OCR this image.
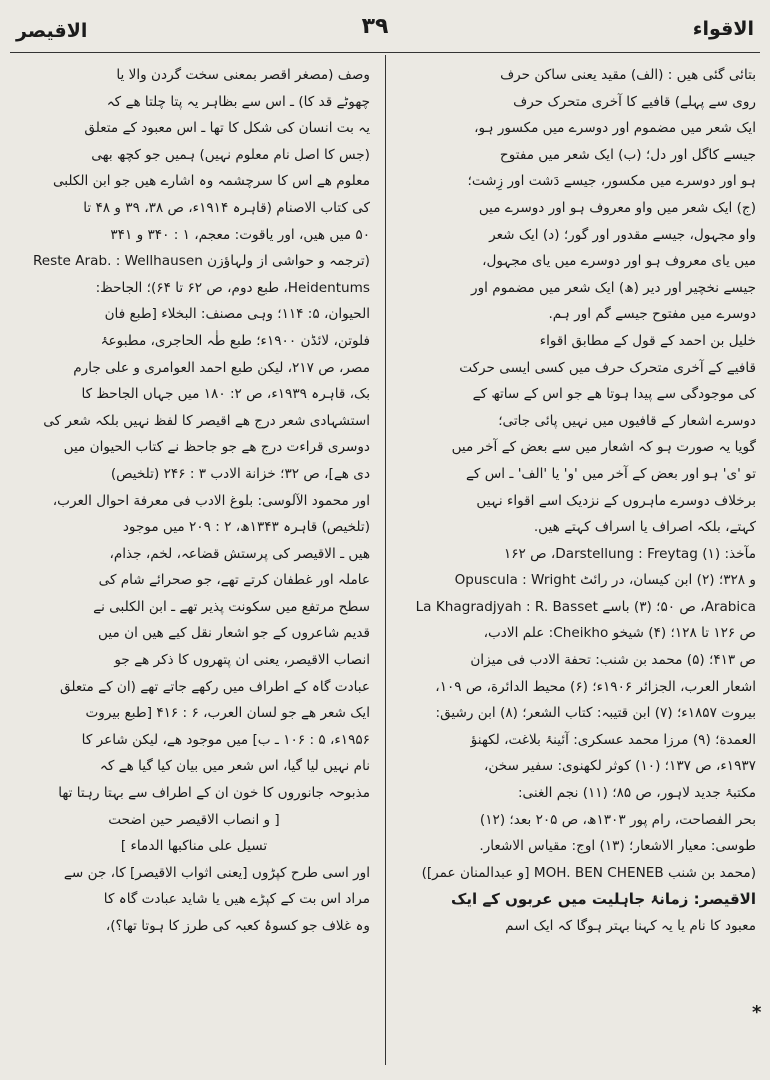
الاقیصر	۳۹	الاقواء
بتائی گئی ھیں : (الف) مقید یعنی ساکن حرف
روی سے پہلے) قافیے کا آخری متحرک حرف
ایک شعر میں مضموم اور دوسرے میں مکسور ہو،
جیسے کاگل اور دل؛ (ب) ایک شعر میں مفتوح
ہو اور دوسرے میں مکسور، جیسے دَشت اور زِشت؛
(ج) ایک شعر میں واو معروف ہو اور دوسرے میں
واو مجہول، جیسے مقدور اور گور؛ (د) ایک شعر
میں یای معروف ہو اور دوسرے میں یای مجہول،
جیسے نخچیر اور دیر (ھ) ایک شعر میں مضموم اور
دوسرے میں مفتوح جیسے گم اور ہم.
خلیل بن احمد کے قول کے مطابق اقواء
قافیے کے آخری متحرک حرف میں کسی ایسی حرکت
کی موجودگی سے پیدا ہوتا ھے جو اس کے ساتھ کے
دوسرے اشعار کے قافیوں میں نہیں پائی جاتی؛
گویا یہ صورت ہو کہ اشعار میں سے بعض کے آخر میں
تو 'ی' ہو اور بعض کے آخر میں 'و' یا 'الف' ـ اس کے
برخلاف دوسرے ماہروں کے نزدیک اسے اقواء نہیں
کہتے، بلکہ اصراف یا اسراف کہتے ھیں.
مآخذ: (۱) Darstellung : Freytag، ص ۱۶۲
و ۳۲۸؛ (۲) ابن کیسان، در رائٹ Opuscula : Wright
Arabica، ص ۵۰؛ (۳) باسے La Khagradjyah : R. Basset
ص ۱۲۶ تا ۱۲۸؛ (۴) شیخو Cheikho: علم الادب،
ص ۴۱۳؛ (۵) محمد بن شنب: تحفة الادب فی میزان
اشعار العرب، الجزائر ۱۹۰۶ء؛ (۶) محیط الدائرة، ص ۱۰۹،
بیروت ۱۸۵۷ء؛ (۷) ابن قتیبہ: کتاب الشعر؛ (۸) ابن رشیق:
العمدة؛ (۹) مرزا محمد عسکری: آئینۂ بلاغت، لکھنؤ
۱۹۳۷ء، ص ۱۳۷؛ (۱۰) کوثر لکھنوی: سفیر سخن،
مکتبۂ جدید لاہور، ص ۸۵؛ (۱۱) نجم الغنی:
بحر الفصاحت، رام پور ۱۳۰۳ھ، ص ۲۰۵ بعد؛ (۱۲)
طوسی: معیار الاشعار؛ (۱۳) اوج: مقیاس الاشعار.
(محمد بن شنب MOH. BEN CHENEB [و عبدالمنان عمر])
الاقیصر: زمانۂ جاہلیت میں عربوں کے ایک
معبود کا نام یا یہ کہنا بہتر ہوگا کہ ایک اسم
وصف (مصغر اقصر بمعنی سخت گردن والا یا
چھوٹے قد کا) ـ اس سے بظاہر یہ پتا چلتا ھے کہ
یہ بت انسان کی شکل کا تھا ـ اس معبود کے متعلق
(جس کا اصل نام معلوم نہیں) ہمیں جو کچھ بھی
معلوم ھے اس کا سرچشمہ وہ اشارے ھیں جو ابن الکلبی
کی کتاب الاصنام (قاہرہ ۱۹۱۴ء، ص ۳۸، ۳۹ و ۴۸ تا
۵۰ میں ھیں، اور یاقوت: معجم، ۱ : ۳۴۰ و ۳۴۱
(ترجمہ و حواشی از ولہاؤزن Reste Arab. : Wellhausen
Heidentums، طبع دوم، ص ۶۲ تا ۶۴)؛ الجاحظ:
الحیوان، ۵: ۱۱۴؛ وہی مصنف: البخلاء [طبع فان
فلوتن، لائڈن ۱۹۰۰ء؛ طبع طٰہ الحاجری، مطبوعۂ
مصر، ص ۲۱۷، لیکن طبع احمد العوامری و علی جارم
بک، قاہرہ ۱۹۳۹ء، ص ۲: ۱۸۰ میں جہاں الجاحظ کا
استشہادی شعر درج ھے اقیصر کا لفظ نہیں بلکہ شعر کی
دوسری قراءت درج ھے جو جاحظ نے کتاب الحیوان میں
دی ھے]، ص ۳۲؛ خزانة الادب ۳ : ۲۴۶ (تلخیص)
اور محمود الآلوسی: بلوغ الادب فی معرفة احوال العرب،
(تلخیص) قاہرہ ۱۳۴۳ھ، ۲ : ۲۰۹ میں موجود
ھیں ـ الاقیصر کی پرستش قضاعہ، لخم، جذام،
عاملہ اور غطفان کرتے تھے، جو صحرائے شام کی
سطح مرتفع میں سکونت پذیر تھے ـ ابن الکلبی نے
قدیم شاعروں کے جو اشعار نقل کیے ھیں ان میں
انصاب الاقیصر، یعنی ان پتھروں کا ذکر ھے جو
عبادت گاہ کے اطراف میں رکھے جاتے تھے (ان کے متعلق
ایک شعر ھے جو لسان العرب، ۶ : ۴۱۶ [طبع بیروت
۱۹۵۶ء، ۵ : ۱۰۶ ـ ب] میں موجود ھے، لیکن شاعر کا
نام نہیں لیا گیا، اس شعر میں بیان کیا گیا ھے کہ
مذبوحہ جانوروں کا خون ان کے اطراف سے بہتا رہتا تھا
[ و انصاب الاقیصر حین اضحت
تسیل علی مناکبھا الدماء ]
اور اسی طرح کپڑوں [یعنی اثواب الاقیصر] کا، جن سے
مراد اس بت کے کپڑے ھیں یا شاید عبادت گاہ کا
وہ غلاف جو کسوۂ کعبہ کی طرز کا ہوتا تھا؟)،
*
